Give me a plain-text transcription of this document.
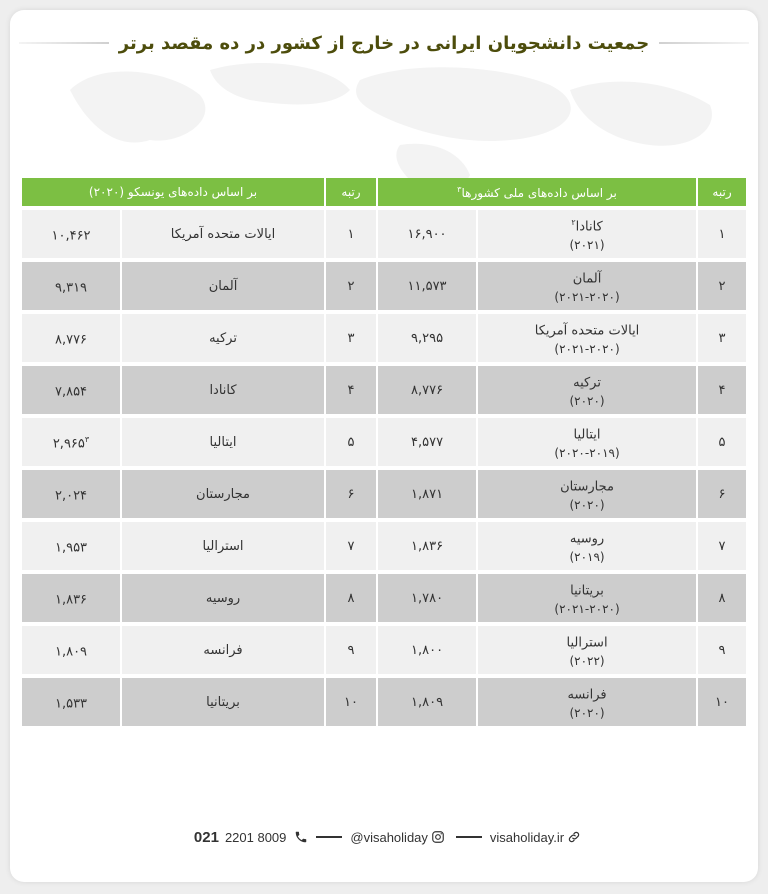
جمعیت دانشجویان ایرانی در خارج از کشور در ده مقصد برتر
رتبه	بر اساس داده‌های ملی کشورها$^۳$		رتبه	بر اساس داده‌های یونسکو (۲۰۲۰)	
۱	کانادا$^۲$
(۲۰۲۱)	۱۶,۹۰۰	۱	ایالات متحده آمریکا	۱۰,۴۶۲
۲	آلمان
(۲۰۲۱-۲۰۲۰)	۱۱,۵۷۳	۲	آلمان	۹,۳۱۹
۳	ایالات متحده آمریکا
(۲۰۲۱-۲۰۲۰)	۹,۲۹۵	۳	ترکیه	۸,۷۷۶
۴	ترکیه
(۲۰۲۰)	۸,۷۷۶	۴	کانادا	۷,۸۵۴
۵	ایتالیا
(۲۰۲۰-۲۰۱۹)	۴,۵۷۷	۵	ایتالیا	۲,۹۶۵$^۳$
۶	مجارستان
(۲۰۲۰)	۱,۸۷۱	۶	مجارستان	۲,۰۲۴
۷	روسیه
(۲۰۱۹)	۱,۸۳۶	۷	استرالیا	۱,۹۵۳
۸	بریتانیا
(۲۰۲۱-۲۰۲۰)	۱,۷۸۰	۸	روسیه	۱,۸۳۶
۹	استرالیا
(۲۰۲۲)	۱,۸۰۰	۹	فرانسه	۱,۸۰۹
۱۰	فرانسه
(۲۰۲۰)	۱,۸۰۹	۱۰	بریتانیا	۱,۵۳۳
021 2201 8009	@visaholiday	visaholiday.ir
